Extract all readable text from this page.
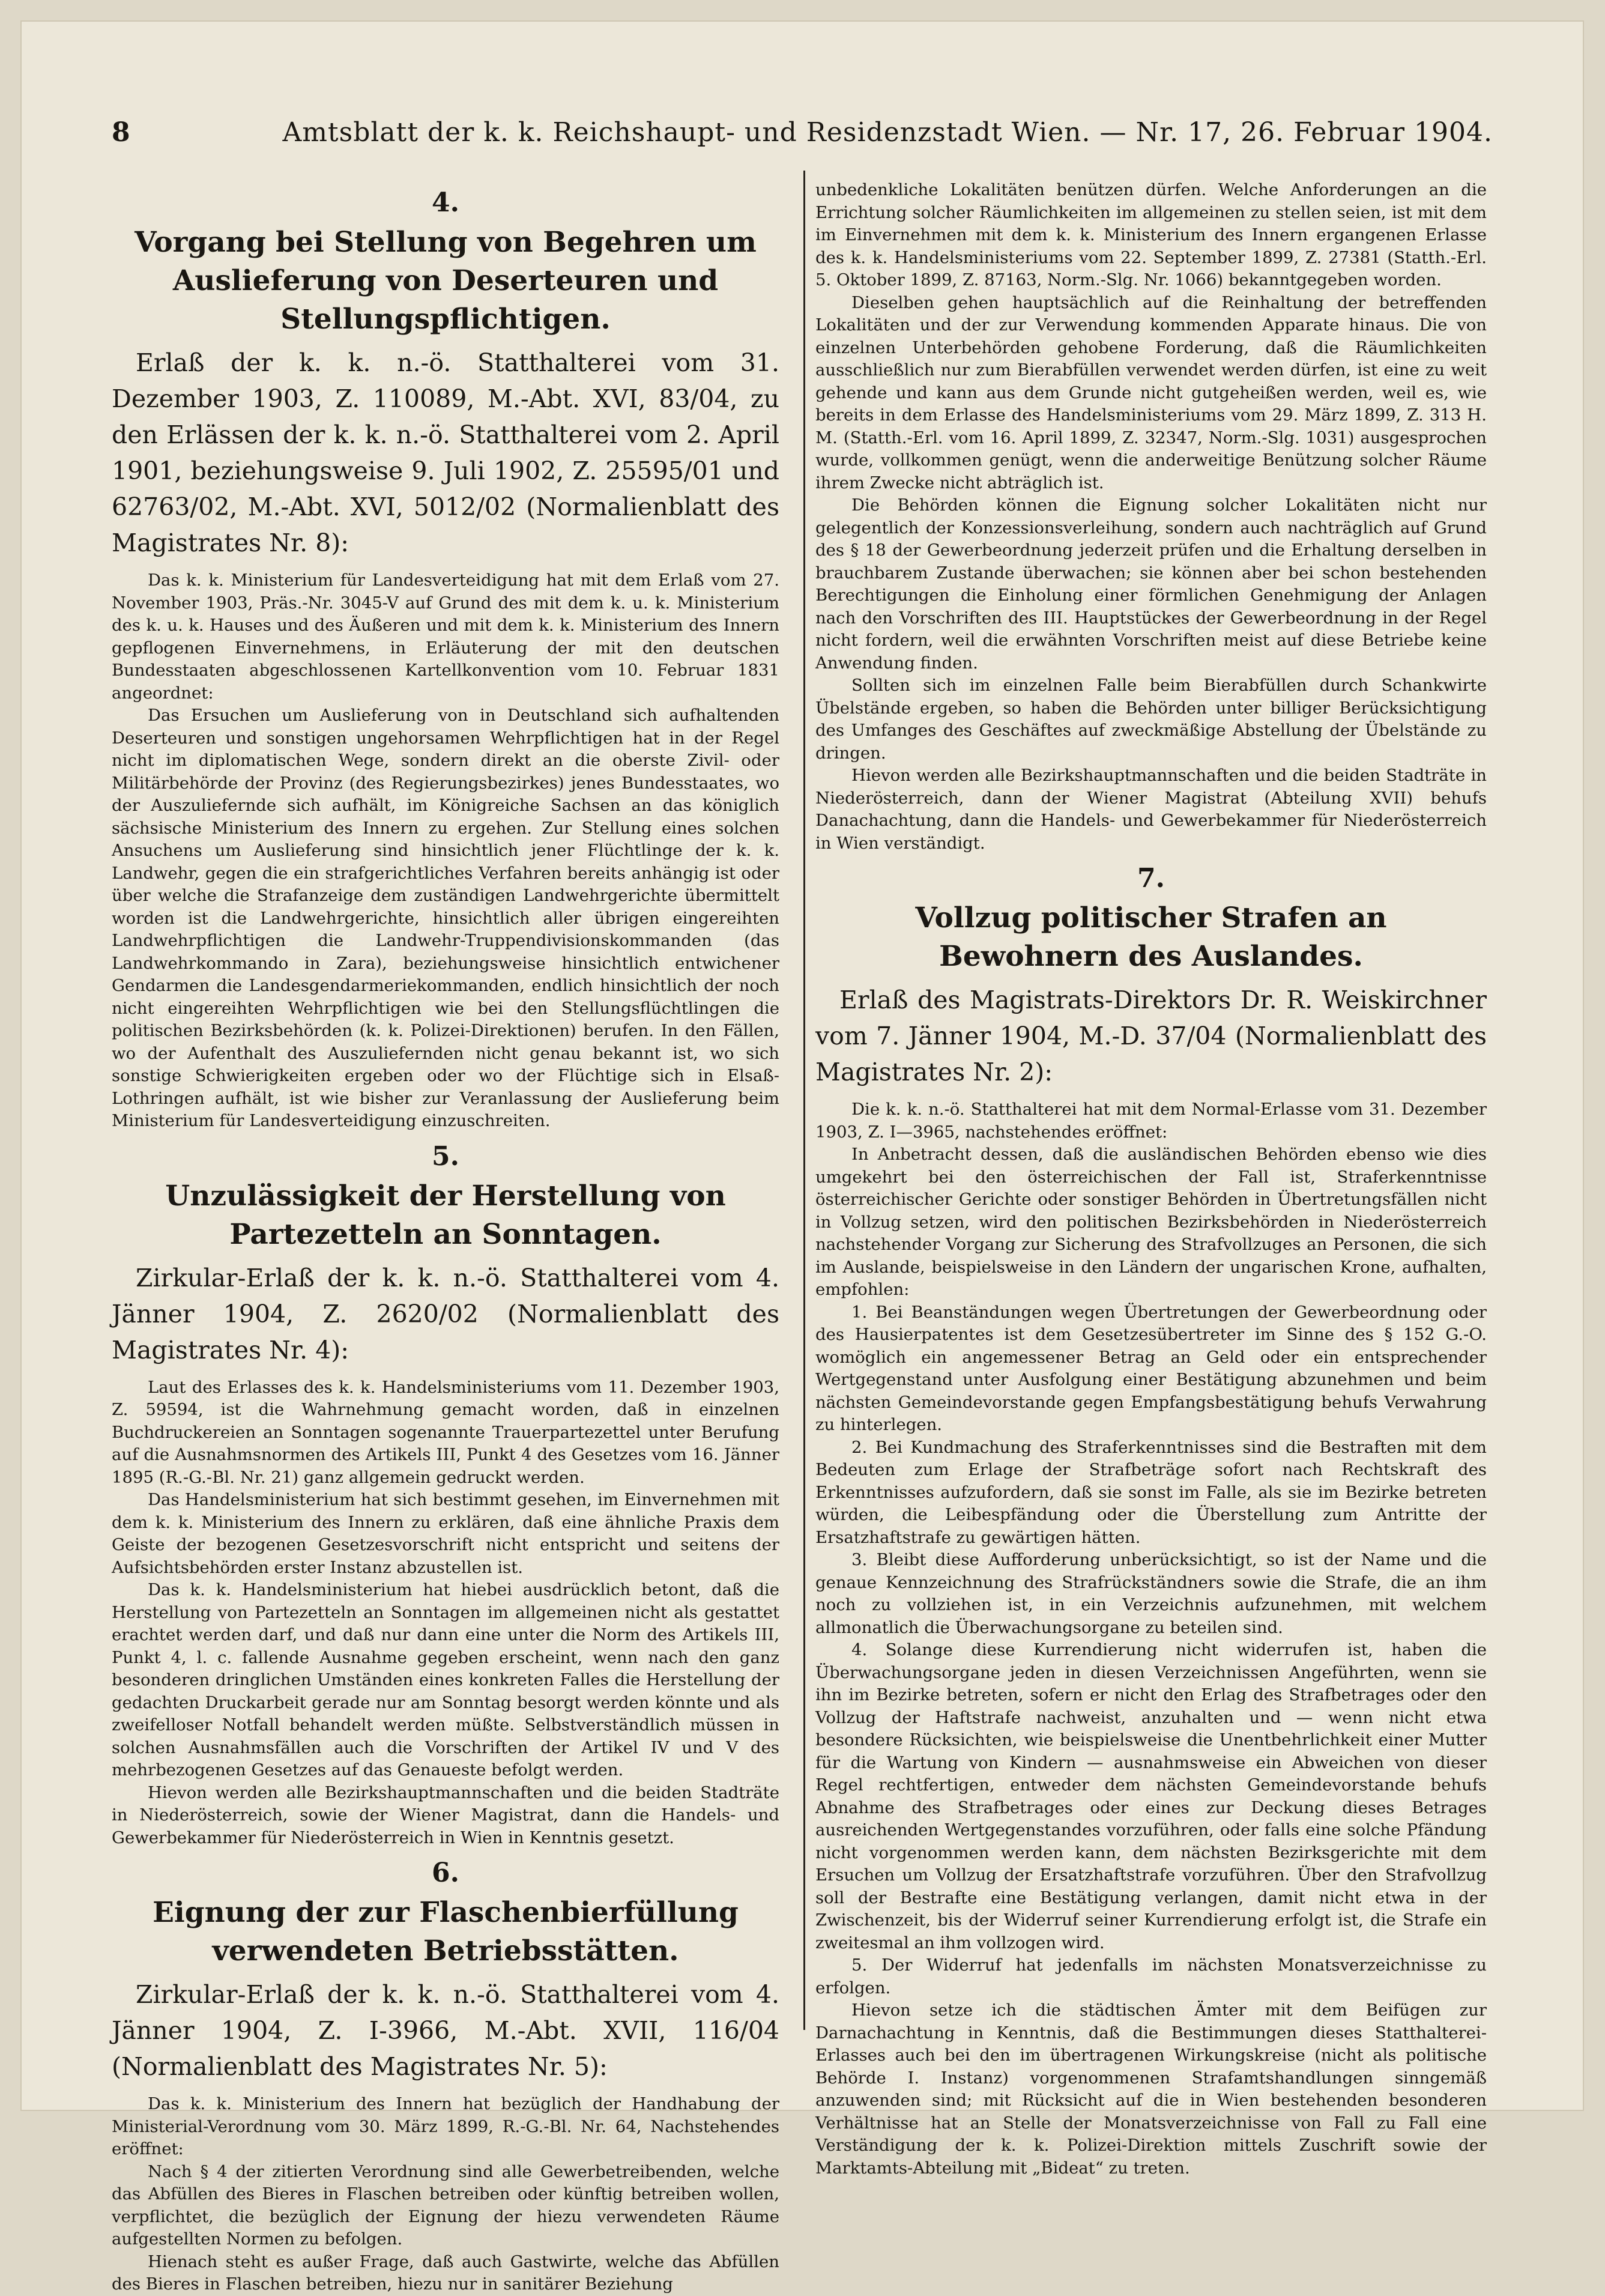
8	Amtsblatt der k. k. Reichshaupt- und Residenzstadt Wien. — Nr. 17, 26. Februar 1904.
4.
Vorgang bei Stellung von Begehren um Auslieferung von Deserteuren und Stellungspflichtigen.

Erlaß der k. k. n.-ö. Statthalterei vom 31. Dezember 1903, Z. 110089, M.-Abt. XVI, 83/04, zu den Erlässen der k. k. n.-ö. Statthalterei vom 2. April 1901, beziehungsweise 9. Juli 1902, Z. 25595/01 und 62763/02, M.-Abt. XVI, 5012/02 (Normalienblatt des Magistrates Nr. 8):

Das k. k. Ministerium für Landesverteidigung hat mit dem Erlaß vom 27. November 1903, Präs.-Nr. 3045-V auf Grund des mit dem k. u. k. Ministerium des k. u. k. Hauses und des Äußeren und mit dem k. k. Ministerium des Innern gepflogenen Einvernehmens, in Erläuterung der mit den deutschen Bundesstaaten abgeschlossenen Kartellkonvention vom 10. Februar 1831 angeordnet:

Das Ersuchen um Auslieferung von in Deutschland sich aufhaltenden Deserteuren und sonstigen ungehorsamen Wehrpflichtigen hat in der Regel nicht im diplomatischen Wege, sondern direkt an die oberste Zivil- oder Militärbehörde der Provinz (des Regierungsbezirkes) jenes Bundesstaates, wo der Auszuliefernde sich aufhält, im Königreiche Sachsen an das königlich sächsische Ministerium des Innern zu ergehen. Zur Stellung eines solchen Ansuchens um Auslieferung sind hinsichtlich jener Flüchtlinge der k. k. Landwehr, gegen die ein strafgerichtliches Verfahren bereits anhängig ist oder über welche die Strafanzeige dem zuständigen Landwehrgerichte übermittelt worden ist die Landwehrgerichte, hinsichtlich aller übrigen eingereihten Landwehrpflichtigen die Landwehr-Truppendivisionskommanden (das Landwehrkommando in Zara), beziehungsweise hinsichtlich entwichener Gendarmen die Landesgendarmeriekommanden, endlich hinsichtlich der noch nicht eingereihten Wehrpflichtigen wie bei den Stellungsflüchtlingen die politischen Bezirksbehörden (k. k. Polizei-Direktionen) berufen. In den Fällen, wo der Aufenthalt des Auszuliefernden nicht genau bekannt ist, wo sich sonstige Schwierigkeiten ergeben oder wo der Flüchtige sich in Elsaß-Lothringen aufhält, ist wie bisher zur Veranlassung der Auslieferung beim Ministerium für Landesverteidigung einzuschreiten.

5.
Unzulässigkeit der Herstellung von Partezetteln an Sonntagen.

Zirkular-Erlaß der k. k. n.-ö. Statthalterei vom 4. Jänner 1904, Z. 2620/02 (Normalienblatt des Magistrates Nr. 4):

Laut des Erlasses des k. k. Handelsministeriums vom 11. Dezember 1903, Z. 59594, ist die Wahrnehmung gemacht worden, daß in einzelnen Buchdruckereien an Sonntagen sogenannte Trauerpartezettel unter Berufung auf die Ausnahmsnormen des Artikels III, Punkt 4 des Gesetzes vom 16. Jänner 1895 (R.-G.-Bl. Nr. 21) ganz allgemein gedruckt werden.

Das Handelsministerium hat sich bestimmt gesehen, im Einvernehmen mit dem k. k. Ministerium des Innern zu erklären, daß eine ähnliche Praxis dem Geiste der bezogenen Gesetzesvorschrift nicht entspricht und seitens der Aufsichtsbehörden erster Instanz abzustellen ist.

Das k. k. Handelsministerium hat hiebei ausdrücklich betont, daß die Herstellung von Partezetteln an Sonntagen im allgemeinen nicht als gestattet erachtet werden darf, und daß nur dann eine unter die Norm des Artikels III, Punkt 4, l. c. fallende Ausnahme gegeben erscheint, wenn nach den ganz besonderen dringlichen Umständen eines konkreten Falles die Herstellung der gedachten Druckarbeit gerade nur am Sonntag besorgt werden könnte und als zweifelloser Notfall behandelt werden müßte. Selbstverständlich müssen in solchen Ausnahmsfällen auch die Vorschriften der Artikel IV und V des mehrbezogenen Gesetzes auf das Genaueste befolgt werden.

Hievon werden alle Bezirkshauptmannschaften und die beiden Stadträte in Niederösterreich, sowie der Wiener Magistrat, dann die Handels- und Gewerbekammer für Niederösterreich in Wien in Kenntnis gesetzt.

6.
Eignung der zur Flaschenbierfüllung verwendeten Betriebsstätten.

Zirkular-Erlaß der k. k. n.-ö. Statthalterei vom 4. Jänner 1904, Z. I-3966, M.-Abt. XVII, 116/04 (Normalienblatt des Magistrates Nr. 5):

Das k. k. Ministerium des Innern hat bezüglich der Handhabung der Ministerial-Verordnung vom 30. März 1899, R.-G.-Bl. Nr. 64, Nachstehendes eröffnet:

Nach § 4 der zitierten Verordnung sind alle Gewerbetreibenden, welche das Abfüllen des Bieres in Flaschen betreiben oder künftig betreiben wollen, verpflichtet, die bezüglich der Eignung der hiezu verwendeten Räume aufgestellten Normen zu befolgen.

Hienach steht es außer Frage, daß auch Gastwirte, welche das Abfüllen des Bieres in Flaschen betreiben, hiezu nur in sanitärer Beziehung

unbedenkliche Lokalitäten benützen dürfen. Welche Anforderungen an die Errichtung solcher Räumlichkeiten im allgemeinen zu stellen seien, ist mit dem im Einvernehmen mit dem k. k. Ministerium des Innern ergangenen Erlasse des k. k. Handelsministeriums vom 22. September 1899, Z. 27381 (Statth.-Erl. 5. Oktober 1899, Z. 87163, Norm.-Slg. Nr. 1066) bekanntgegeben worden.

Dieselben gehen hauptsächlich auf die Reinhaltung der betreffenden Lokalitäten und der zur Verwendung kommenden Apparate hinaus. Die von einzelnen Unterbehörden gehobene Forderung, daß die Räumlichkeiten ausschließlich nur zum Bierabfüllen verwendet werden dürfen, ist eine zu weit gehende und kann aus dem Grunde nicht gutgeheißen werden, weil es, wie bereits in dem Erlasse des Handelsministeriums vom 29. März 1899, Z. 313 H. M. (Statth.-Erl. vom 16. April 1899, Z. 32347, Norm.-Slg. 1031) ausgesprochen wurde, vollkommen genügt, wenn die anderweitige Benützung solcher Räume ihrem Zwecke nicht abträglich ist.

Die Behörden können die Eignung solcher Lokalitäten nicht nur gelegentlich der Konzessionsverleihung, sondern auch nachträglich auf Grund des § 18 der Gewerbeordnung jederzeit prüfen und die Erhaltung derselben in brauchbarem Zustande überwachen; sie können aber bei schon bestehenden Berechtigungen die Einholung einer förmlichen Genehmigung der Anlagen nach den Vorschriften des III. Hauptstückes der Gewerbeordnung in der Regel nicht fordern, weil die erwähnten Vorschriften meist auf diese Betriebe keine Anwendung finden.

Sollten sich im einzelnen Falle beim Bierabfüllen durch Schankwirte Übelstände ergeben, so haben die Behörden unter billiger Berücksichtigung des Umfanges des Geschäftes auf zweckmäßige Abstellung der Übelstände zu dringen.

Hievon werden alle Bezirkshauptmannschaften und die beiden Stadträte in Niederösterreich, dann der Wiener Magistrat (Abteilung XVII) behufs Danachachtung, dann die Handels- und Gewerbekammer für Niederösterreich in Wien verständigt.

7.
Vollzug politischer Strafen an Bewohnern des Auslandes.

Erlaß des Magistrats-Direktors Dr. R. Weiskirchner vom 7. Jänner 1904, M.-D. 37/04 (Normalienblatt des Magistrates Nr. 2):

Die k. k. n.-ö. Statthalterei hat mit dem Normal-Erlasse vom 31. Dezember 1903, Z. I—3965, nachstehendes eröffnet:

In Anbetracht dessen, daß die ausländischen Behörden ebenso wie dies umgekehrt bei den österreichischen der Fall ist, Straferkenntnisse österreichischer Gerichte oder sonstiger Behörden in Übertretungsfällen nicht in Vollzug setzen, wird den politischen Bezirksbehörden in Niederösterreich nachstehender Vorgang zur Sicherung des Strafvollzuges an Personen, die sich im Auslande, beispielsweise in den Ländern der ungarischen Krone, aufhalten, empfohlen:

1. Bei Beanständungen wegen Übertretungen der Gewerbeordnung oder des Hausierpatentes ist dem Gesetzesübertreter im Sinne des § 152 G.-O. womöglich ein angemessener Betrag an Geld oder ein entsprechender Wertgegenstand unter Ausfolgung einer Bestätigung abzunehmen und beim nächsten Gemeindevorstande gegen Empfangsbestätigung behufs Verwahrung zu hinterlegen.

2. Bei Kundmachung des Straferkenntnisses sind die Bestraften mit dem Bedeuten zum Erlage der Strafbeträge sofort nach Rechtskraft des Erkenntnisses aufzufordern, daß sie sonst im Falle, als sie im Bezirke betreten würden, die Leibespfändung oder die Überstellung zum Antritte der Ersatzhaftstrafe zu gewärtigen hätten.

3. Bleibt diese Aufforderung unberücksichtigt, so ist der Name und die genaue Kennzeichnung des Strafrückständners sowie die Strafe, die an ihm noch zu vollziehen ist, in ein Verzeichnis aufzunehmen, mit welchem allmonatlich die Überwachungsorgane zu beteilen sind.

4. Solange diese Kurrendierung nicht widerrufen ist, haben die Überwachungsorgane jeden in diesen Verzeichnissen Angeführten, wenn sie ihn im Bezirke betreten, sofern er nicht den Erlag des Strafbetrages oder den Vollzug der Haftstrafe nachweist, anzuhalten und — wenn nicht etwa besondere Rücksichten, wie beispielsweise die Unentbehrlichkeit einer Mutter für die Wartung von Kindern — ausnahmsweise ein Abweichen von dieser Regel rechtfertigen, entweder dem nächsten Gemeindevorstande behufs Abnahme des Strafbetrages oder eines zur Deckung dieses Betrages ausreichenden Wertgegenstandes vorzuführen, oder falls eine solche Pfändung nicht vorgenommen werden kann, dem nächsten Bezirksgerichte mit dem Ersuchen um Vollzug der Ersatzhaftstrafe vorzuführen. Über den Strafvollzug soll der Bestrafte eine Bestätigung verlangen, damit nicht etwa in der Zwischenzeit, bis der Widerruf seiner Kurrendierung erfolgt ist, die Strafe ein zweitesmal an ihm vollzogen wird.

5. Der Widerruf hat jedenfalls im nächsten Monatsverzeichnisse zu erfolgen.

Hievon setze ich die städtischen Ämter mit dem Beifügen zur Darnachachtung in Kenntnis, daß die Bestimmungen dieses Statthalterei-Erlasses auch bei den im übertragenen Wirkungskreise (nicht als politische Behörde I. Instanz) vorgenommenen Strafamtshandlungen sinngemäß anzuwenden sind; mit Rücksicht auf die in Wien bestehenden besonderen Verhältnisse hat an Stelle der Monatsverzeichnisse von Fall zu Fall eine Verständigung der k. k. Polizei-Direktion mittels Zuschrift sowie der Marktamts-Abteilung mit „Bideat“ zu treten.
